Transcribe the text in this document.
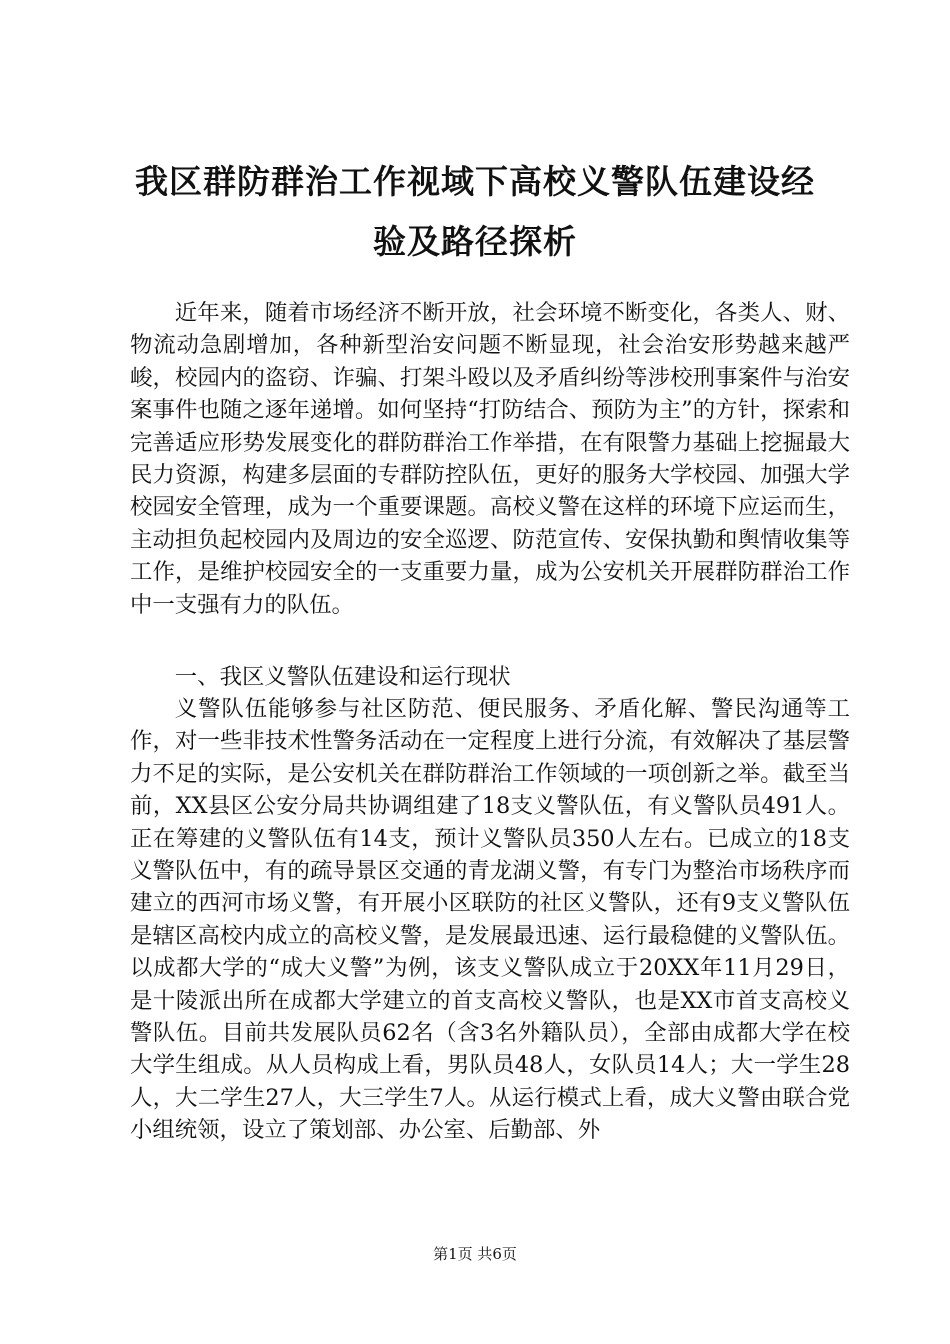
我区群防群治工作视域下高校义警队伍建设经
验及路径探析

近年来，随着市场经济不断开放，社会环境不断变化，各类人、财、物流动急剧增加，各种新型治安问题不断显现，社会治安形势越来越严峻，校园内的盗窃、诈骗、打架斗殴以及矛盾纠纷等涉校刑事案件与治安案事件也随之逐年递增。如何坚持“打防结合、预防为主”的方针，探索和完善适应形势发展变化的群防群治工作举措，在有限警力基础上挖掘最大民力资源，构建多层面的专群防控队伍，更好的服务大学校园、加强大学校园安全管理，成为一个重要课题。高校义警在这样的环境下应运而生，主动担负起校园内及周边的安全巡逻、防范宣传、安保执勤和舆情收集等工作，是维护校园安全的一支重要力量，成为公安机关开展群防群治工作中一支强有力的队伍。

一、我区义警队伍建设和运行现状

义警队伍能够参与社区防范、便民服务、矛盾化解、警民沟通等工作，对一些非技术性警务活动在一定程度上进行分流，有效解决了基层警力不足的实际，是公安机关在群防群治工作领域的一项创新之举。截至当前，XX县区公安分局共协调组建了18支义警队伍，有义警队员491人。正在筹建的义警队伍有14支，预计义警队员350人左右。已成立的18支义警队伍中，有的疏导景区交通的青龙湖义警，有专门为整治市场秩序而建立的西河市场义警，有开展小区联防的社区义警队，还有9支义警队伍是辖区高校内成立的高校义警，是发展最迅速、运行最稳健的义警队伍。以成都大学的“成大义警”为例，该支义警队成立于20XX年11月29日，是十陵派出所在成都大学建立的首支高校义警队，也是XX市首支高校义警队伍。目前共发展队员62名（含3名外籍队员），全部由成都大学在校大学生组成。从人员构成上看，男队员48人，女队员14人；大一学生28人，大二学生27人，大三学生7人。从运行模式上看，成大义警由联合党小组统领，设立了策划部、办公室、后勤部、外

第1页 共6页
